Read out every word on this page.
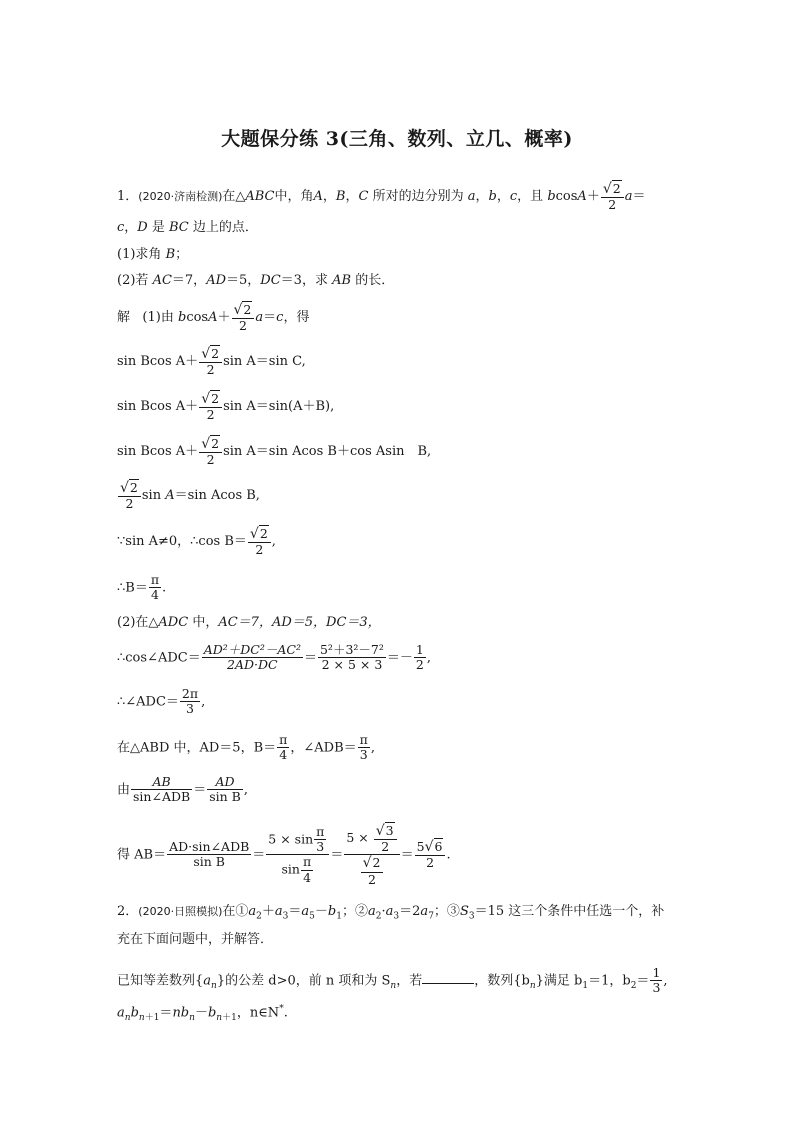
大题保分练 3(三角、数列、立几、概率)
1．(2020·济南检测)在△ABC中，角A，B，C 所对的边分别为 a，b，c，且 $bcosA+ \frac{√2}{2} a=$
c，D 是 BC 边上的点．
(1)求角 B；
(2)若 AC＝7，AD＝5，DC＝3，求 AB 的长．
解 (1)由 $bcosA+ \frac{√2}{2} a=c$，得
sin Bcos $A+ \frac{√2}{2}$ sin A＝sin C,
sin Bcos $A+ \frac{√2}{2}$ sin A＝sin(A＋B),
sin Bcos $A+ \frac{√2}{2}$ sin A＝sin Acos B＋cos Asin　B,
$\frac{√2}{2}$ sin A＝sin Acos B,
∵sin A≠0，∴cos $B= \frac{√2}{2}$ ,
∴B＝ $\frac{\pi}{4}$ .
(2)在△ADC 中，AC＝7，AD＝5，DC＝3，
∴cos∠ADC＝ $\frac{\text{AD²＋DC²－AC²}}{2AD\cdot DC} = \frac{\text{5²＋3²－7²}}{2 \times 5 \times 3} =- \frac{1}{2}$ ,
∴∠ADC＝ $\frac{2\pi}{3}$ ,
在△ABD 中，AD＝5，$B= \frac{\pi}{4}$ ，∠ADB＝ $\frac{\pi}{3}$ ,
由 $\frac{AB}{\text{sin∠ADB}} = \frac{AD}{\text{sin B}}$ ,
得 $AB= \frac{\text{AD·sin∠ADB}}{\text{sin B}} = \frac{5 \times \sin \frac{\pi}{3}}{\sin \frac{\pi}{4}} = \frac{5 \times \frac{√3}{2}}{\frac{√2}{2}} = \frac{5√6}{2}$ .
2．(2020·日照模拟)在$①a_2+a_3=a_5-b_1$；$②a_2\cdot a_3=2a_7$；$③S_3=15$ 这三个条件中任选一个，补
充在下面问题中，并解答．
已知等差数列$\{a_n\}$的公差 d>0，前 n 项和为 $S_n$，若	，数列$\{b_n\}$满足 $b_1=1$，$b_2= \frac{1}{3}$ ,
$a_nb_{n+1}=nb_n-b_{n+1}$，n∈N*.
